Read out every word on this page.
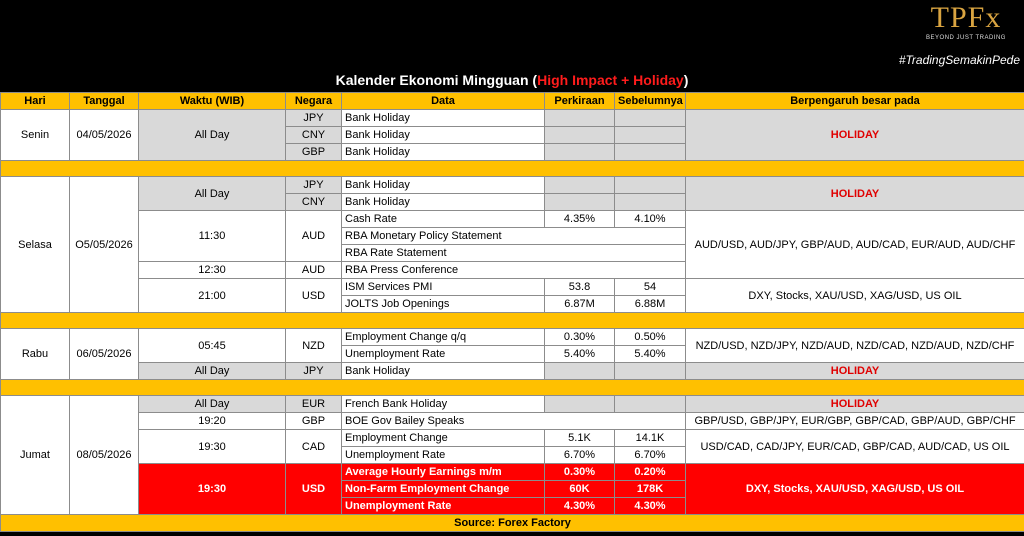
TPFx
BEYOND JUST TRADING
#TradingSemakinPede
Kalender Ekonomi Mingguan (High Impact + Holiday)
Hari	Tanggal	Waktu (WIB)	Negara	Data	Perkiraan	Sebelumnya	Berpengaruh besar pada
Senin	04/05/2026	All Day	JPY	Bank Holiday			HOLIDAY
			CNY	Bank Holiday			
			GBP	Bank Holiday			

Selasa	O5/05/2026	All Day	JPY	Bank Holiday			HOLIDAY
			CNY	Bank Holiday			
		11:30	AUD	Cash Rate	4.35%	4.10%	AUD/USD, AUD/JPY, GBP/AUD, AUD/CAD, EUR/AUD, AUD/CHF
				RBA Monetary Policy Statement			
				RBA Rate Statement			
		12:30	AUD	RBA Press Conference			
		21:00	USD	ISM Services PMI	53.8	54	DXY, Stocks, XAU/USD, XAG/USD, US OIL
				JOLTS Job Openings	6.87M	6.88M	

Rabu	06/05/2026	05:45	NZD	Employment Change q/q	0.30%	0.50%	NZD/USD, NZD/JPY, NZD/AUD, NZD/CAD, NZD/AUD, NZD/CHF
				Unemployment Rate	5.40%	5.40%	
		All Day	JPY	Bank Holiday			HOLIDAY

Jumat	08/05/2026	All Day	EUR	French Bank Holiday			HOLIDAY
		19:20	GBP	BOE Gov Bailey Speaks			GBP/USD, GBP/JPY, EUR/GBP, GBP/CAD, GBP/AUD, GBP/CHF
		19:30	CAD	Employment Change	5.1K	14.1K	USD/CAD, CAD/JPY, EUR/CAD, GBP/CAD, AUD/CAD, US OIL
				Unemployment Rate	6.70%	6.70%	
		19:30	USD	Average Hourly Earnings m/m	0.30%	0.20%	DXY, Stocks, XAU/USD, XAG/USD, US OIL
				Non-Farm Employment Change	60K	178K	
				Unemployment Rate	4.30%	4.30%	
Source: Forex Factory							
